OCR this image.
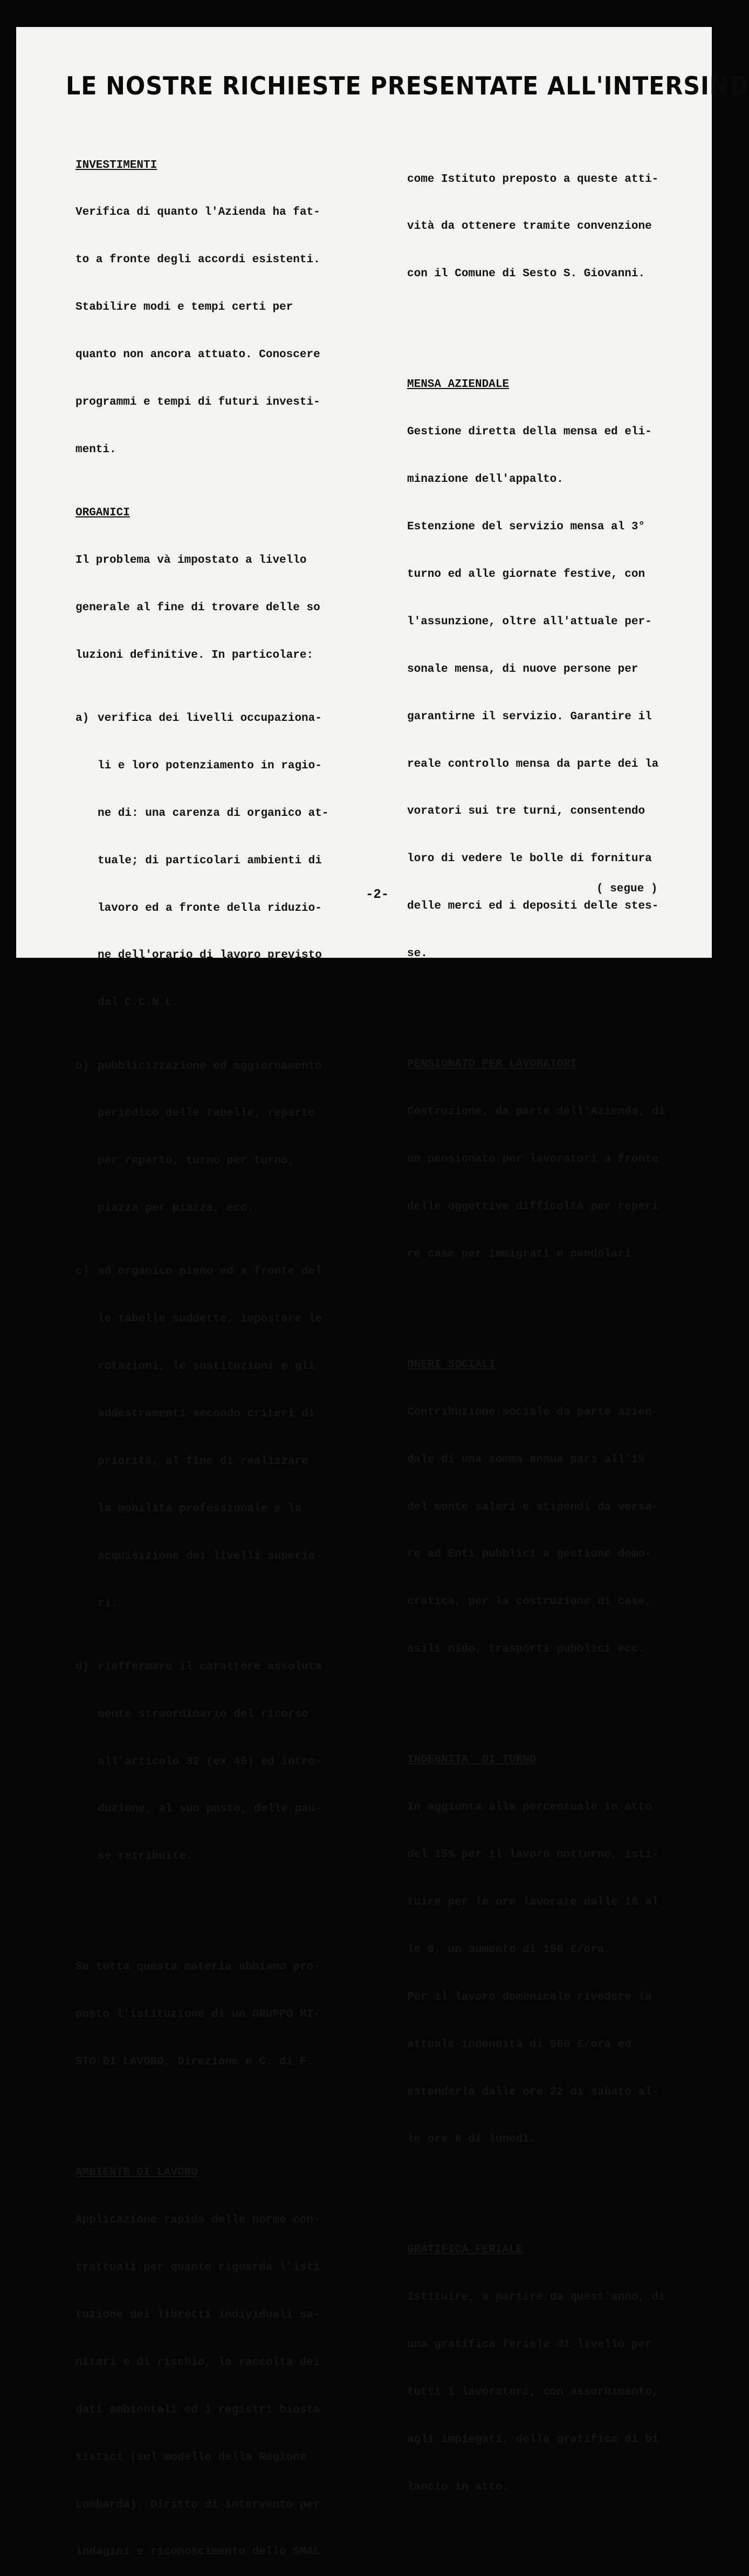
LE NOSTRE RICHIESTE PRESENTATE ALL'INTERSIND

INVESTIMENTI

Verifica di quanto l'Azienda ha fat-

to a fronte degli accordi esistenti.

Stabilire modi e tempi certi per

quanto non ancora attuato. Conoscere

programmi e tempi di futuri investi-

menti.

ORGANICI

Il problema và impostato a livello

generale al fine di trovare delle so

luzioni definitive. In particolare:

a) verifica dei livelli occupaziona-

li e loro potenziamento in ragio-

ne di: una carenza di organico at-

tuale; di particolari ambienti di

lavoro ed a fronte della riduzio-

ne dell'orario di lavoro previsto

dal C.C.N.L.

b) pubblicizzazione ed aggiornamento

periodico delle tabelle, reparto

per reparto, turno per turno,

piazza per piazza, ecc.

c) ad organico pieno ed a fronte del

le tabelle suddette, impostare le

rotazioni, le sostituzioni e gli

addestramenti secondo criteri di

priorità, al fine di realizzare

la mobilità professionale e la

acquisizione dei livelli superio-

ri.

d) riaffermare il carattere assoluta

mente straordinario del ricorso

all'articolo 32 (ex 45) ed intro-

duzione, al suo posto, delle pau-

se retribuite.

Su tutta questa materia abbiamo pro-

posto l'istituzione di un GRUPPO MI-

STO DI LAVORO, Direzione e C. di F.

AMBIENTE DI LAVORO

Applicazione rapida delle norme con-

trattuali per quanto riguarda l'isti

tuzione dei libretti individuali sa-

nitari e di rischio, la raccolta dei

dati ambientali ed i registri biosta

tistici (sul modello della Regione

Lombarda). Diritto di intervento per

indagini e riconoscimento dello SMAL

come Istituto preposto a queste atti-

vità da ottenere tramite convenzione

con il Comune di Sesto S. Giovanni.

MENSA AZIENDALE

Gestione diretta della mensa ed eli-

minazione dell'appalto.

Estenzione del servizio mensa al 3°

turno ed alle giornate festive, con

l'assunzione, oltre all'attuale per-

sonale mensa, di nuove persone per

garantirne il servizio. Garantire il

reale controllo mensa da parte dei la

voratori sui tre turni, consentendo

loro di vedere le bolle di fornitura

delle merci ed i depositi delle stes-

se.

PENSIONATO PER LAVORATORI

Costruzione, da parte dell'Azienda, di

un pensionato per lavoratori a fronte

delle oggettive difficoltà per reperi

re case per immigrati e pendolari.

ONERI SOCIALI

Contribuzione sociale da parte azien-

dale di una somma annua pari all'1%

del monte salari e stipendi da versa-

re ad Enti pubblici a gestione demo-

cratica, per la costruzione di case,

asili nido, trasporti pubblici ecc.

INDENNITA' DI TURNO

In aggiunta àlla percentuale in atto

del 15% per il lavoro notturno, isti-

tuire per le ore lavorate dalle 18 al

le 6, un aumento di 150 £/ora.

Per il lavoro domenicale rivedere la

attuale indennità di 500 £/ora ed

estenderla dalle ore 22 di sabato al-

le ore 6 di lunedì.

GRATIFICA FERIALE

Istituire, a partire da quest'anno, di

una gratifica feriale di livello per

tutti i lavoratori, con assorbimento,

agli impiegati, della gratifica di bi

lancio in atto.

-2-	( segue )
